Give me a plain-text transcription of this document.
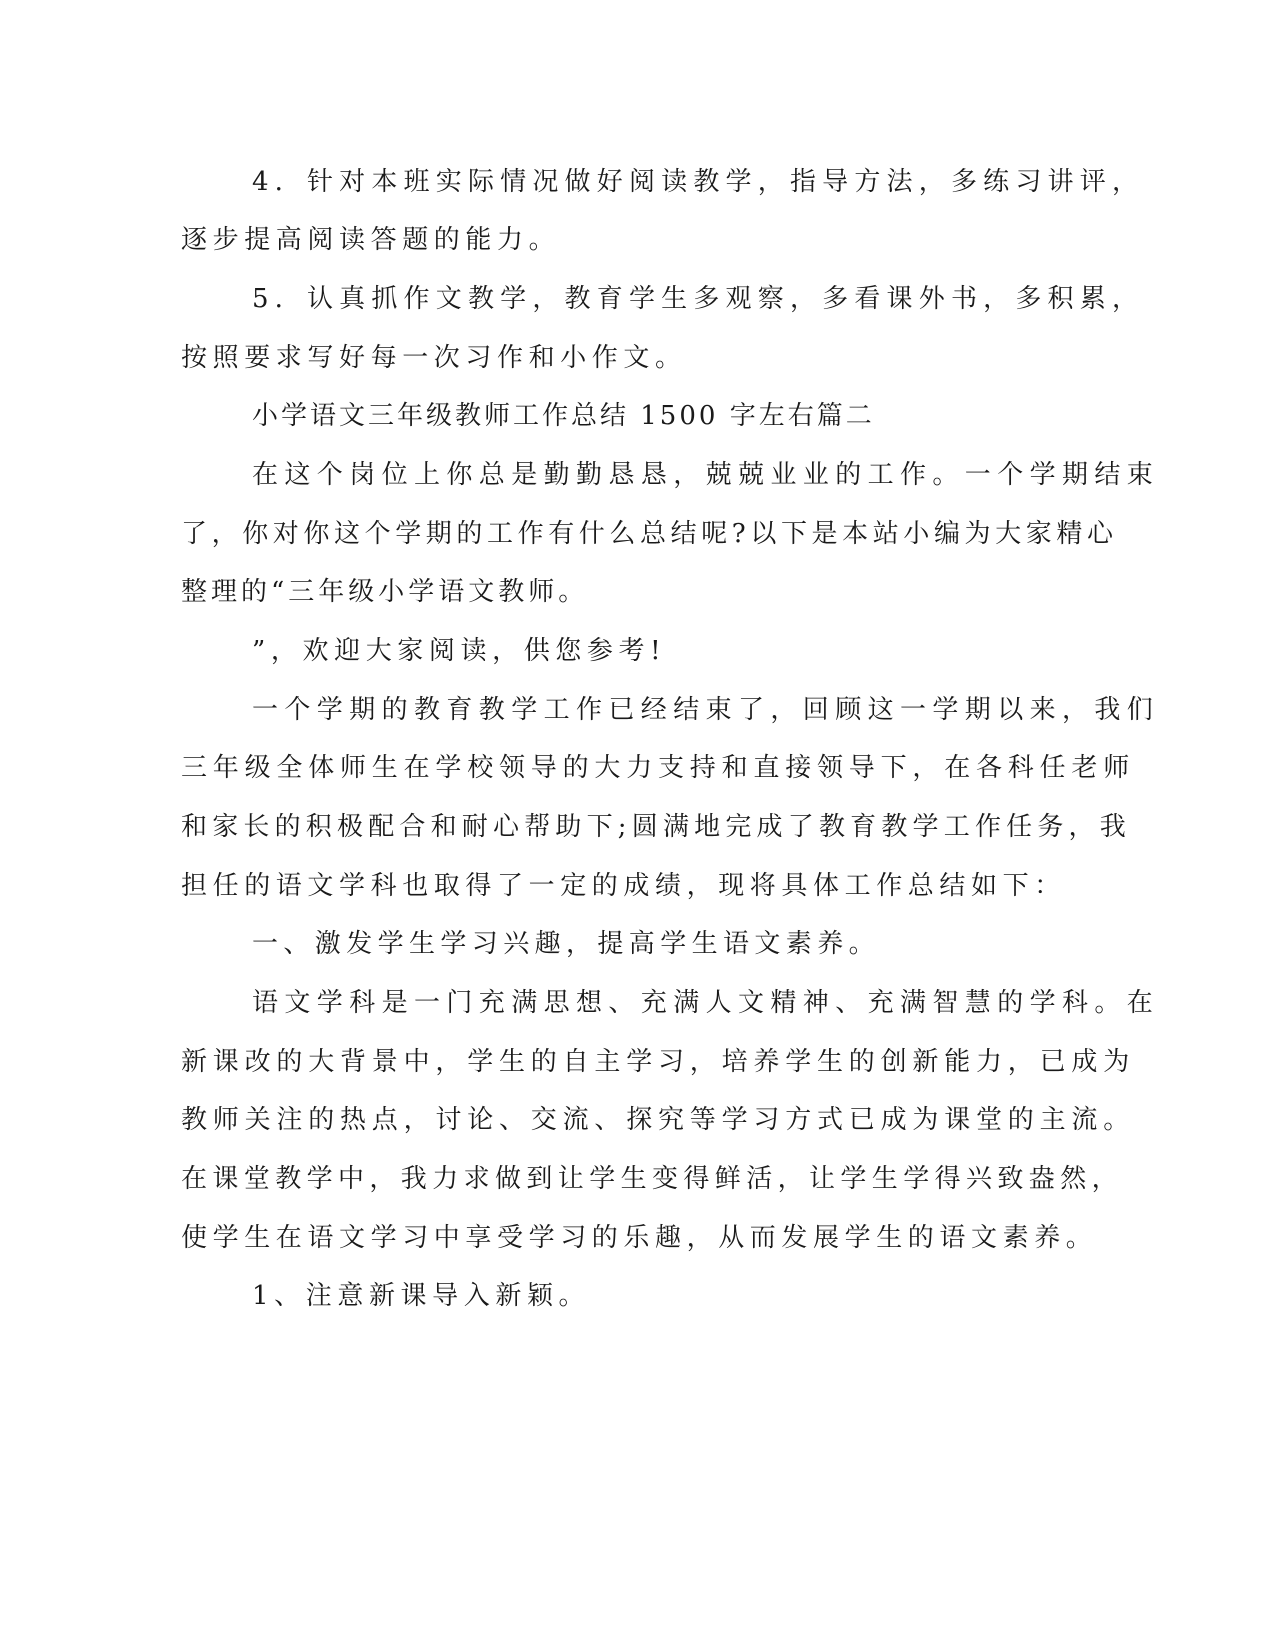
4．针对本班实际情况做好阅读教学，指导方法，多练习讲评，
逐步提高阅读答题的能力。
5．认真抓作文教学，教育学生多观察，多看课外书，多积累，
按照要求写好每一次习作和小作文。
小学语文三年级教师工作总结 1500 字左右篇二
在这个岗位上你总是勤勤恳恳，兢兢业业的工作。一个学期结束
了，你对你这个学期的工作有什么总结呢?以下是本站小编为大家精心
整理的“三年级小学语文教师。
”，欢迎大家阅读，供您参考!
一个学期的教育教学工作已经结束了，回顾这一学期以来，我们
三年级全体师生在学校领导的大力支持和直接领导下，在各科任老师
和家长的积极配合和耐心帮助下;圆满地完成了教育教学工作任务，我
担任的语文学科也取得了一定的成绩，现将具体工作总结如下：
一、激发学生学习兴趣，提高学生语文素养。
语文学科是一门充满思想、充满人文精神、充满智慧的学科。在
新课改的大背景中，学生的自主学习，培养学生的创新能力，已成为
教师关注的热点，讨论、交流、探究等学习方式已成为课堂的主流。
在课堂教学中，我力求做到让学生变得鲜活，让学生学得兴致盎然，
使学生在语文学习中享受学习的乐趣，从而发展学生的语文素养。
1、注意新课导入新颖。
